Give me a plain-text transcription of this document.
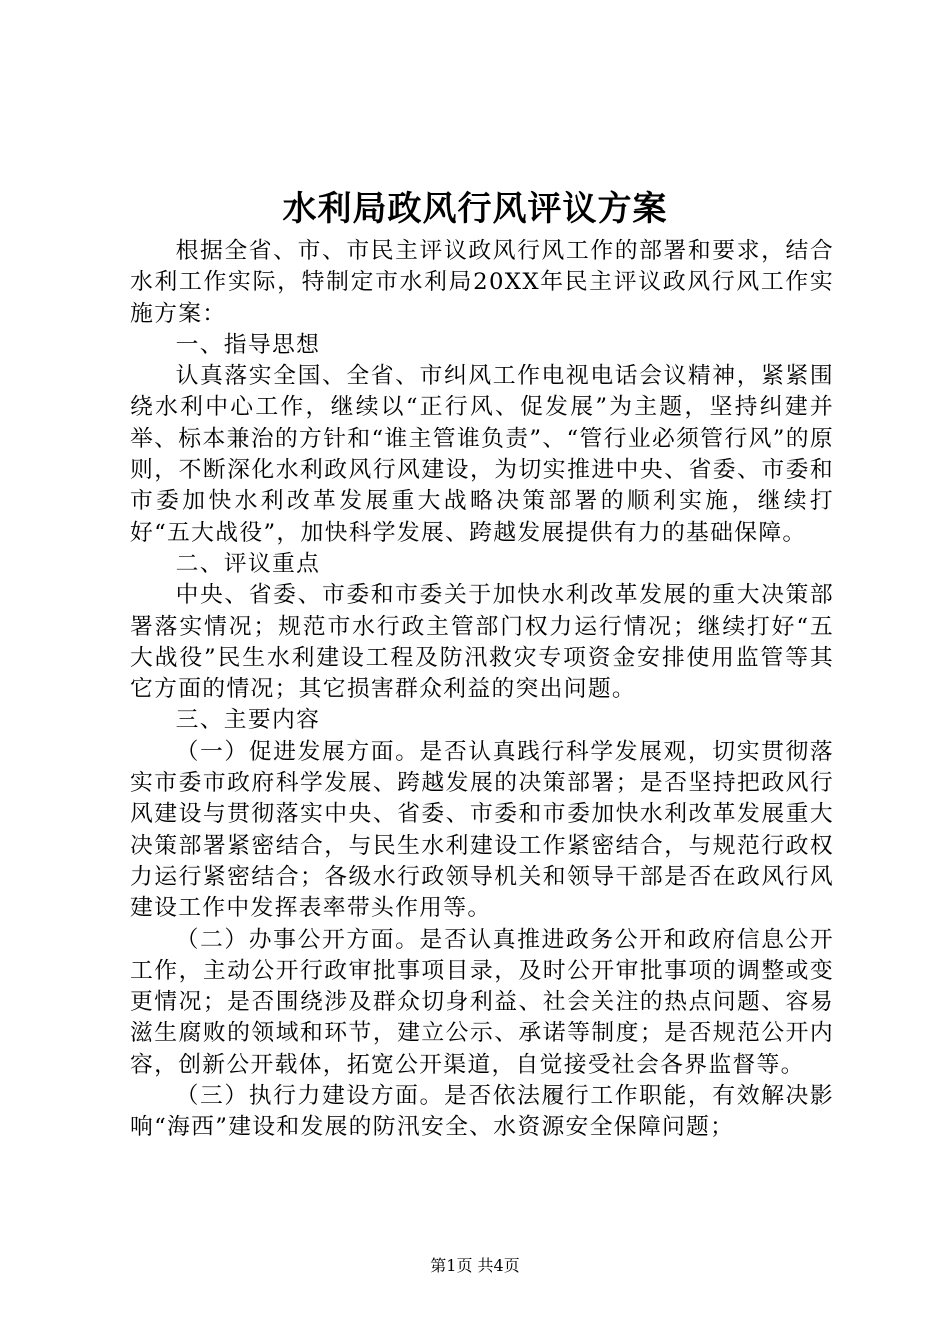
水利局政风行风评议方案

根据全省、市、市民主评议政风行风工作的部署和要求，结合水利工作实际，特制定市水利局20XX年民主评议政风行风工作实施方案：

一、指导思想

认真落实全国、全省、市纠风工作电视电话会议精神，紧紧围绕水利中心工作，继续以“正行风、促发展”为主题，坚持纠建并举、标本兼治的方针和“谁主管谁负责”、“管行业必须管行风”的原则，不断深化水利政风行风建设，为切实推进中央、省委、市委和市委加快水利改革发展重大战略决策部署的顺利实施，继续打好“五大战役”，加快科学发展、跨越发展提供有力的基础保障。

二、评议重点

中央、省委、市委和市委关于加快水利改革发展的重大决策部署落实情况；规范市水行政主管部门权力运行情况；继续打好“五大战役”民生水利建设工程及防汛救灾专项资金安排使用监管等其它方面的情况；其它损害群众利益的突出问题。

三、主要内容

（一）促进发展方面。是否认真践行科学发展观，切实贯彻落实市委市政府科学发展、跨越发展的决策部署；是否坚持把政风行风建设与贯彻落实中央、省委、市委和市委加快水利改革发展重大决策部署紧密结合，与民生水利建设工作紧密结合，与规范行政权力运行紧密结合；各级水行政领导机关和领导干部是否在政风行风建设工作中发挥表率带头作用等。

（二）办事公开方面。是否认真推进政务公开和政府信息公开工作，主动公开行政审批事项目录，及时公开审批事项的调整或变更情况；是否围绕涉及群众切身利益、社会关注的热点问题、容易滋生腐败的领域和环节，建立公示、承诺等制度；是否规范公开内容，创新公开载体，拓宽公开渠道，自觉接受社会各界监督等。

（三）执行力建设方面。是否依法履行工作职能，有效解决影响“海西”建设和发展的防汛安全、水资源安全保障问题；

第1页 共4页
